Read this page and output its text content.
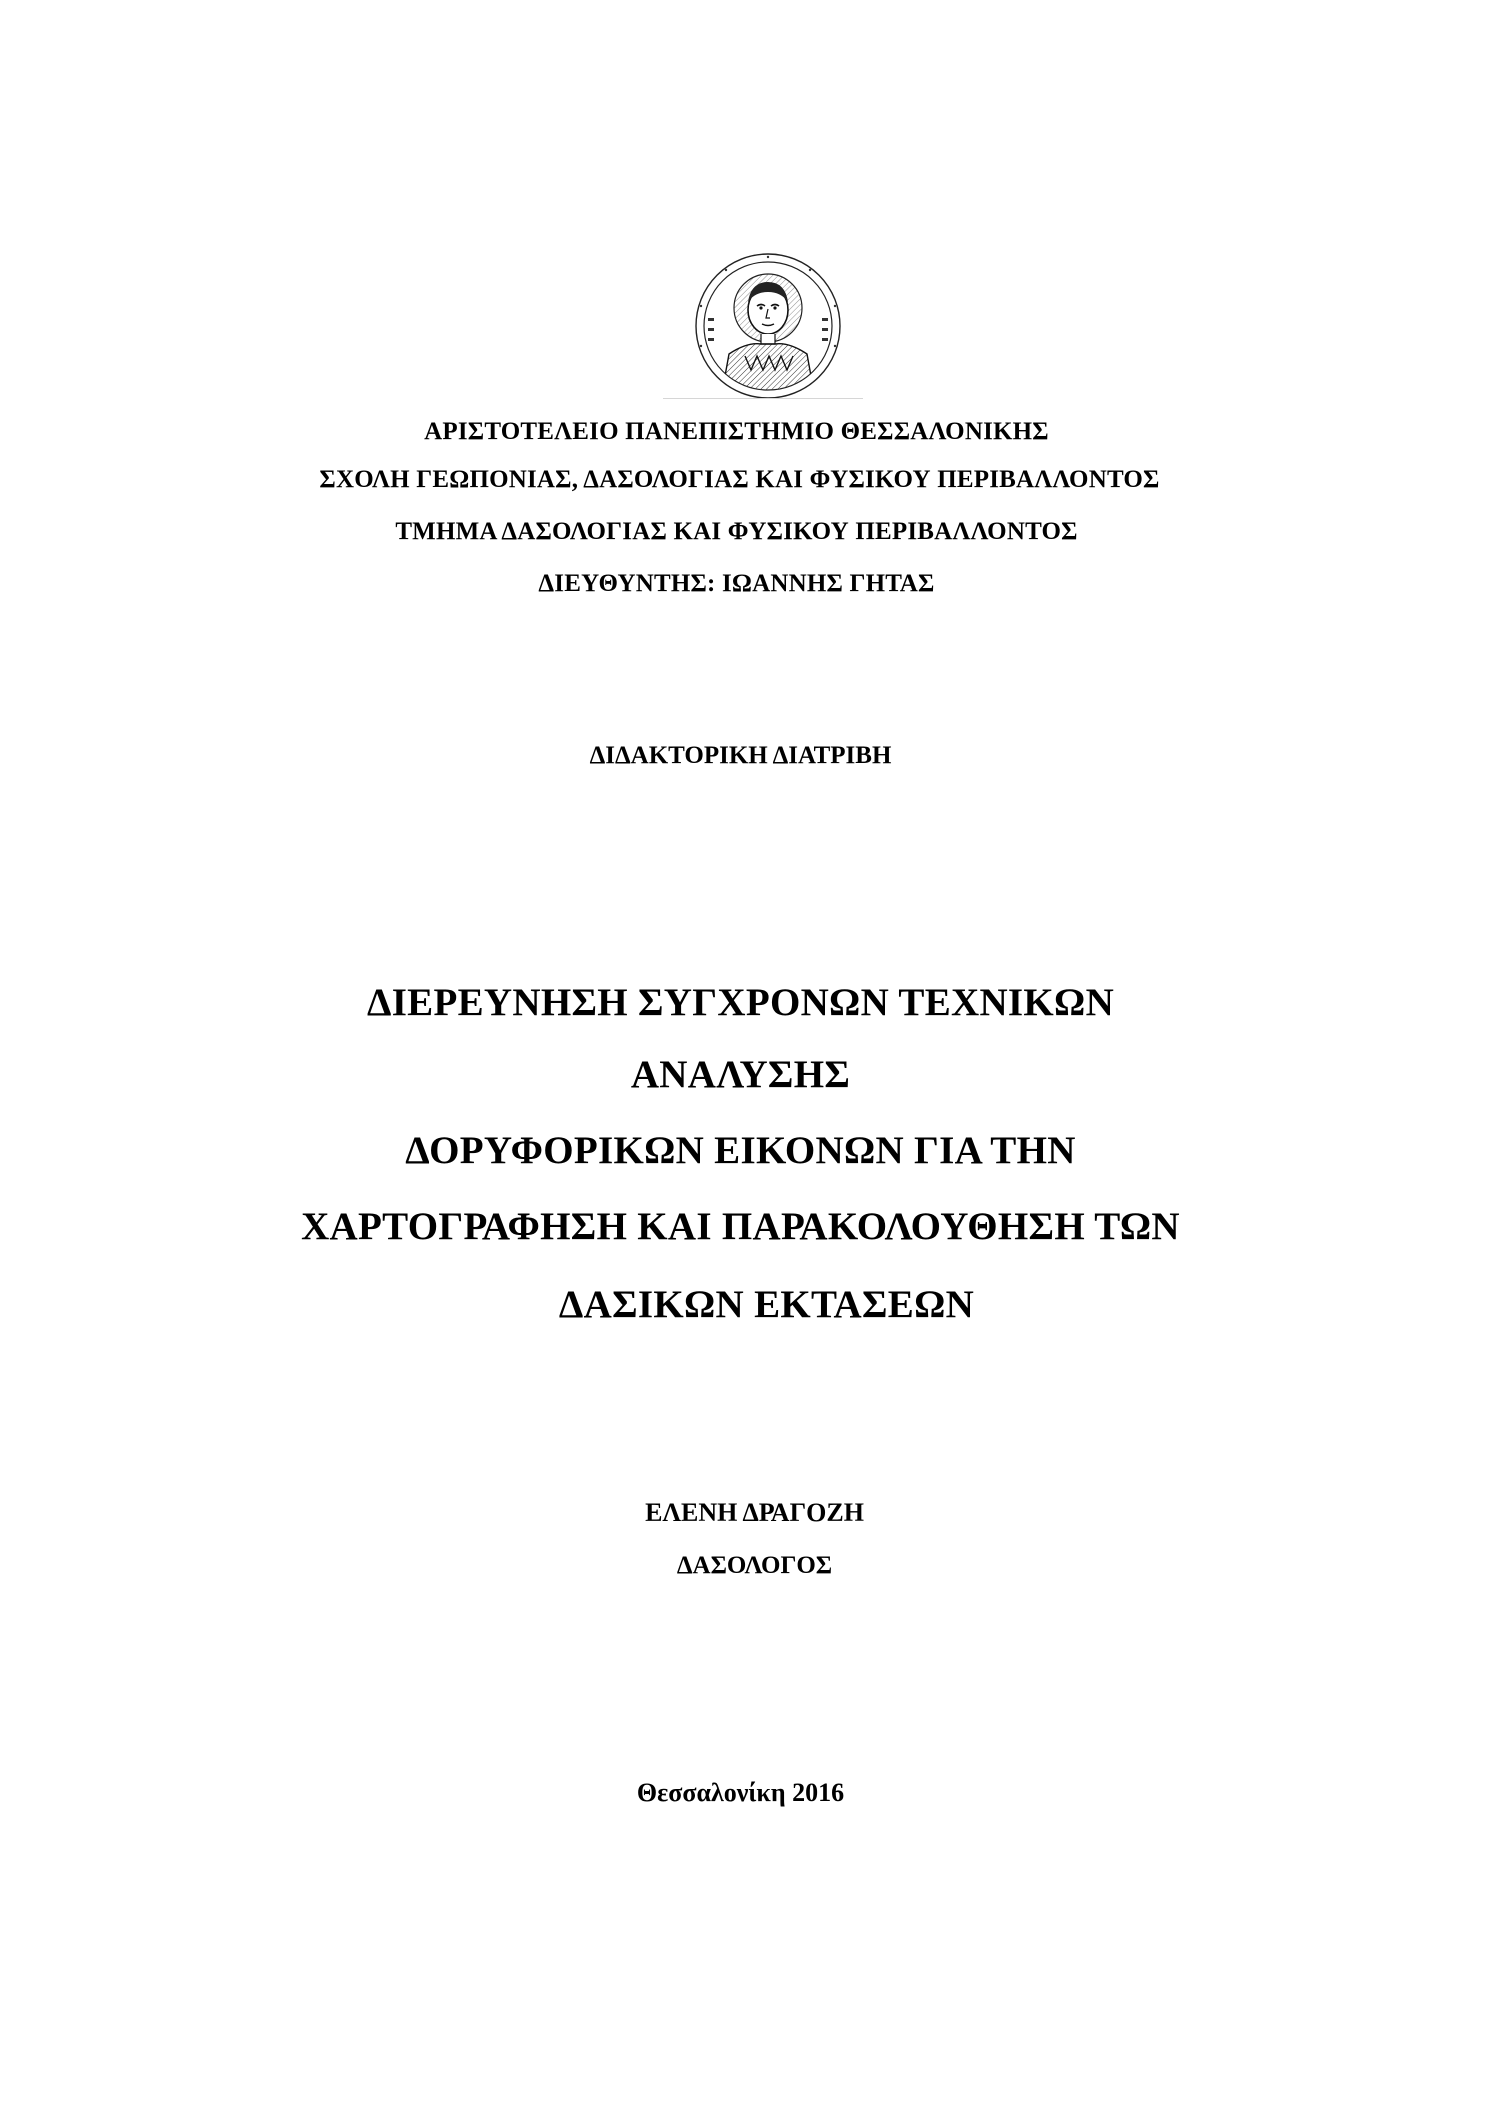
ΑΡΙΣΤΟΤΕΛΕΙΟ ΠΑΝΕΠΙΣΤΗΜΙΟ ΘΕΣΣΑΛΟΝΙΚΗΣ
ΣΧΟΛΗ ΓΕΩΠΟΝΙΑΣ, ΔΑΣΟΛΟΓΙΑΣ ΚΑΙ ΦΥΣΙΚΟΥ ΠΕΡΙΒΑΛΛΟΝΤΟΣ
ΤΜΗΜΑ ΔΑΣΟΛΟΓΙΑΣ ΚΑΙ ΦΥΣΙΚΟΥ ΠΕΡΙΒΑΛΛΟΝΤΟΣ
ΔΙΕΥΘΥΝΤΗΣ: ΙΩΑΝΝΗΣ ΓΗΤΑΣ
ΔΙΔΑΚΤΟΡΙΚΗ ΔΙΑΤΡΙΒΗ
ΔΙΕΡΕΥΝΗΣΗ ΣΥΓΧΡΟΝΩΝ ΤΕΧΝΙΚΩΝ
ΑΝΑΛΥΣΗΣ
ΔΟΡΥΦΟΡΙΚΩΝ ΕΙΚΟΝΩΝ ΓΙΑ ΤΗΝ
ΧΑΡΤΟΓΡΑΦΗΣΗ ΚΑΙ ΠΑΡΑΚΟΛΟΥΘΗΣΗ ΤΩΝ
ΔΑΣΙΚΩΝ ΕΚΤΑΣΕΩΝ
ΕΛΕΝΗ ΔΡΑΓΟΖΗ
ΔΑΣΟΛΟΓΟΣ
Θεσσαλονίκη 2016
